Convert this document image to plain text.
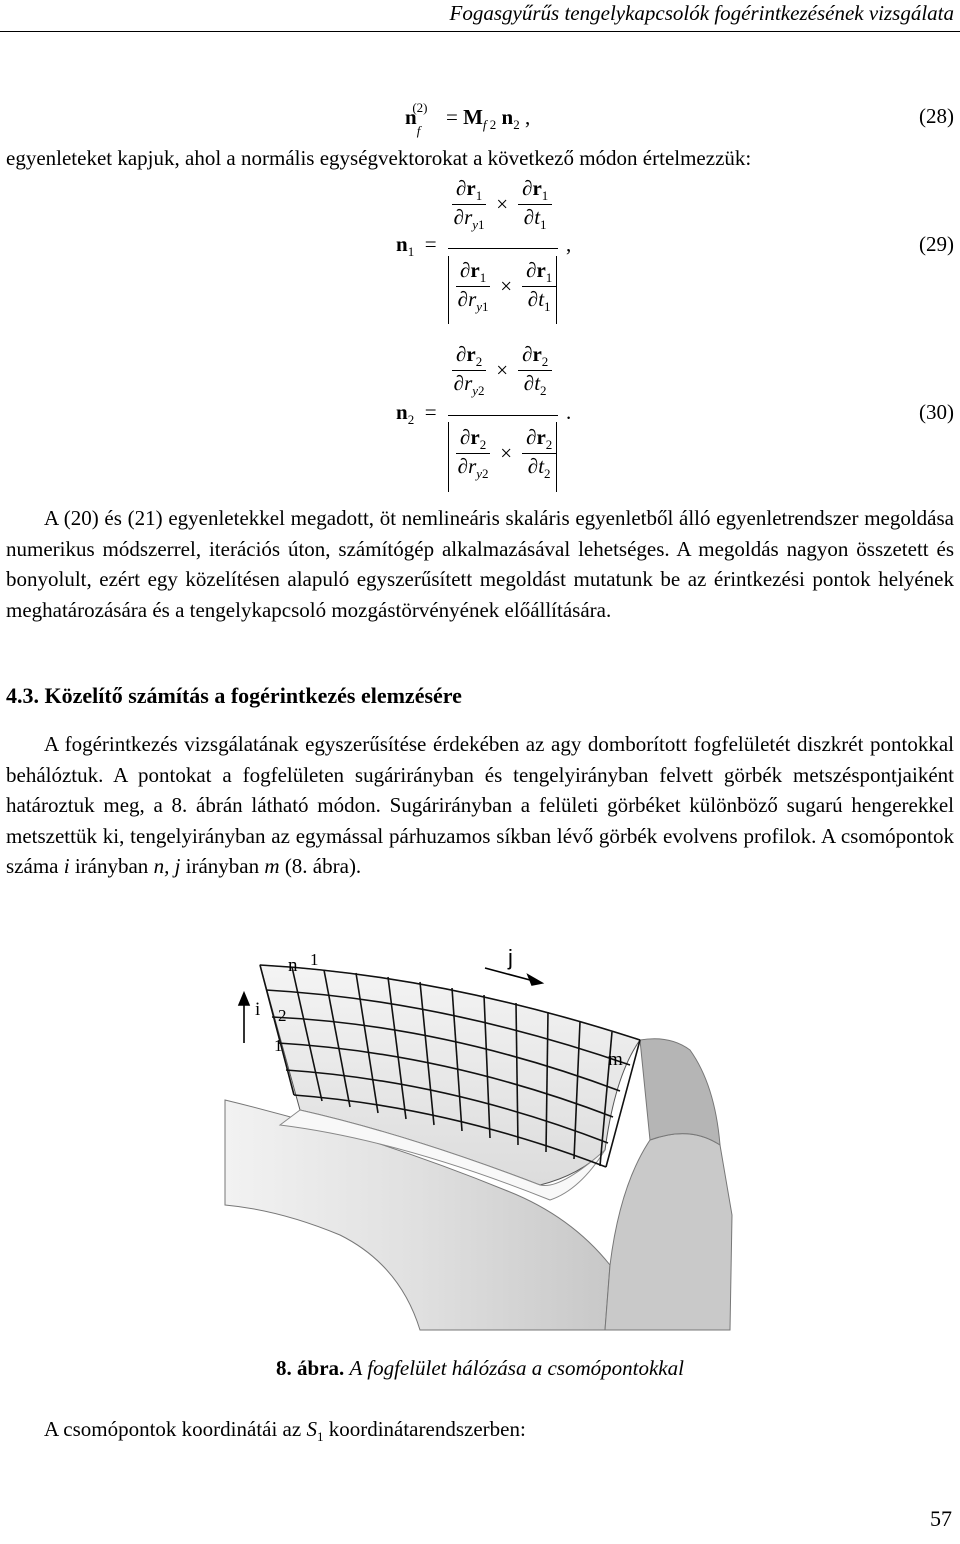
Fogasgyűrűs tengelykapcsolók fogérintkezésének vizsgálata
$n_f^{(2)} = M_f$ $_2$ $n_2$ ,	(28)

egyenleteket kapjuk, ahol a normális egységvektorokat a következő módon értelmezzük:

$n_1$  =
$\frac{\partial r_1}{\partial r_{y1}} \times \frac{\partial r_1}{\partial t_1}$
$\frac{\partial r_1}{\partial r_{y1}} \times \frac{\partial r_1}{\partial t_1}$
,	(29)
$n_2$  =
$\frac{\partial r_2}{\partial r_{y2}} \times \frac{\partial r_2}{\partial t_2}$
$\frac{\partial r_2}{\partial r_{y2}} \times \frac{\partial r_2}{\partial t_2}$
.	(30)

A (20) és (21) egyenletekkel megadott, öt nemlineáris skaláris egyenletből álló egyenletrendszer megoldása numerikus módszerrel, iterációs úton, számítógép alkalmazásával lehetséges. A megoldás nagyon összetett és bonyolult, ezért egy közelítésen alapuló egyszerűsített megoldást mutatunk be az érintkezési pontok helyének meghatározására és a tengelykapcsoló mozgástörvényének előállítására.

4.3. Közelítő számítás a fogérintkezés elemzésére

A fogérintkezés vizsgálatának egyszerűsítése érdekében az agy domborított fogfelületét diszkrét pontokkal behálóztuk. A pontokat a fogfelületen sugárirányban és tengelyirányban felvett görbék metszéspontjaiként határoztuk meg, a 8. ábrán látható módon. Sugárirányban a felületi görbéket különböző sugarú hengerekkel metszettük ki, tengelyirányban az egymással párhuzamos síkban lévő görbék evolvens profilok. A csomópontok száma i irányban n, j irányban m (8. ábra).

n 1
i 2
1
j
m
8. ábra. A fogfelület hálózása a csomópontokkal

A csomópontok koordinátái az $S_1$ koordinátarendszerben:

57
